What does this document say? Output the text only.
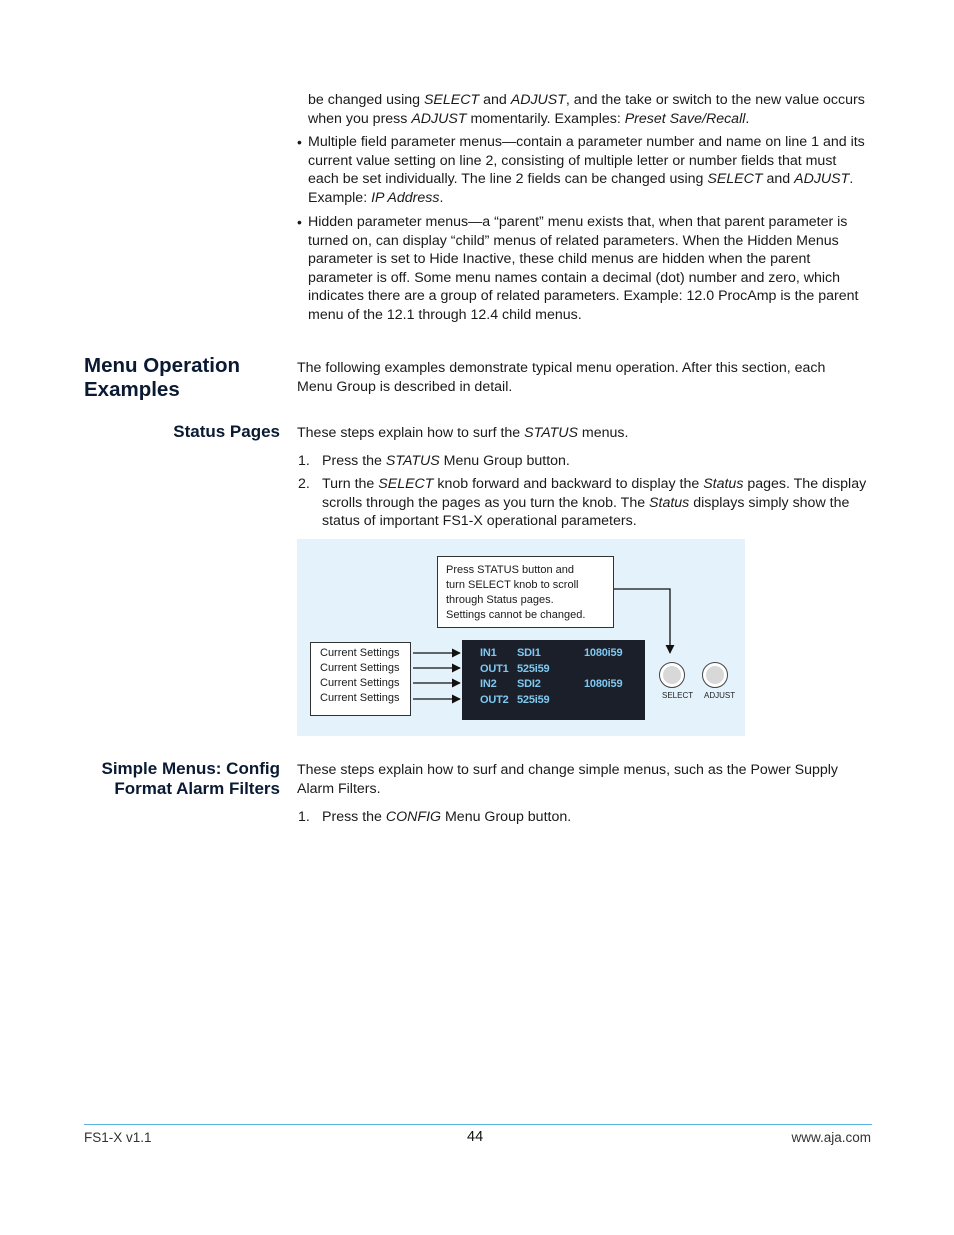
be changed using SELECT and ADJUST, and the take or switch to the new value occurs when you press ADJUST momentarily. Examples: Preset Save/Recall.

• Multiple field parameter menus—contain a parameter number and name on line 1 and its current value setting on line 2, consisting of multiple letter or number fields that must each be set individually. The line 2 fields can be changed using SELECT and ADJUST. Example: IP Address.

• Hidden parameter menus—a “parent” menu exists that, when that parent parameter is turned on, can display “child” menus of related parameters. When the Hidden Menus parameter is set to Hide Inactive, these child menus are hidden when the parent parameter is off. Some menu names contain a decimal (dot) number and zero, which indicates there are a group of related parameters. Example: 12.0 ProcAmp is the parent menu of the 12.1 through 12.4 child menus.

Menu Operation
Examples

The following examples demonstrate typical menu operation. After this section, each Menu Group is described in detail.

Status Pages These steps explain how to surf the STATUS menus.

1. Press the STATUS Menu Group button.

2. Turn the SELECT knob forward and backward to display the Status pages. The display scrolls through the pages as you turn the knob. The Status displays simply show the status of important FS1-X operational parameters.

Press STATUS button and
turn SELECT knob to scroll
through Status pages.
Settings cannot be changed.
Current Settings
Current Settings
Current Settings
Current Settings
IN1 SDI1	1080i59
OUT1 525i59
IN2 SDI2	1080i59
OUT2 525i59	SELECT ADJUST
Simple Menus: Config
Format Alarm Filters

These steps explain how to surf and change simple menus, such as the Power Supply Alarm Filters.

1. Press the CONFIG Menu Group button.

FS1-X v1.1	44	www.aja.com
